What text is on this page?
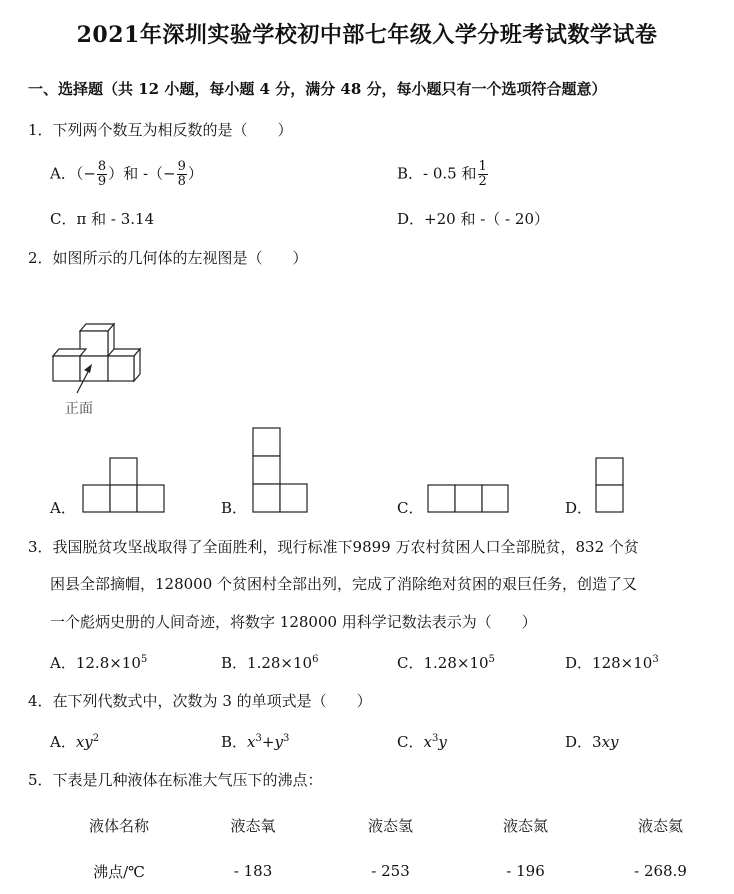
2021年深圳实验学校初中部七年级入学分班考试数学试卷
一、选择题（共 12 小题，每小题 4 分，满分 48 分，每小题只有一个选项符合题意）
1．下列两个数互为相反数的是（　　）
A．（− $\frac{8}{9}$ ）和 -（− $\frac{9}{8}$ ）	B．- 0.5 和 $\frac{1}{2}$
C．π 和 - 3.14	D．+20 和 -（ - 20）
2．如图所示的几何体的左视图是（　　）
正面
A．	B．	C．	D．
3．我国脱贫攻坚战取得了全面胜利，现行标准下9899 万农村贫困人口全部脱贫，832 个贫
困县全部摘帽，128000 个贫困村全部出列，完成了消除绝对贫困的艰巨任务，创造了又
一个彪炳史册的人间奇迹，将数字 128000 用科学记数法表示为（　　）
A．$12.8\times 10^5$	B．$1.28\times 10^6$	C．$1.28\times 10^5$	D．$128\times 10^3$
4．在下列代数式中，次数为 3 的单项式是（　　）
A．$xy^2$	B．$x^3+y^3$	C．$x^3y$	D．3xy
5．下表是几种液体在标准大气压下的沸点：
液体名称	液态氧	液态氢	液态氮	液态氦
沸点/℃	- 183	- 253	- 196	- 268.9
